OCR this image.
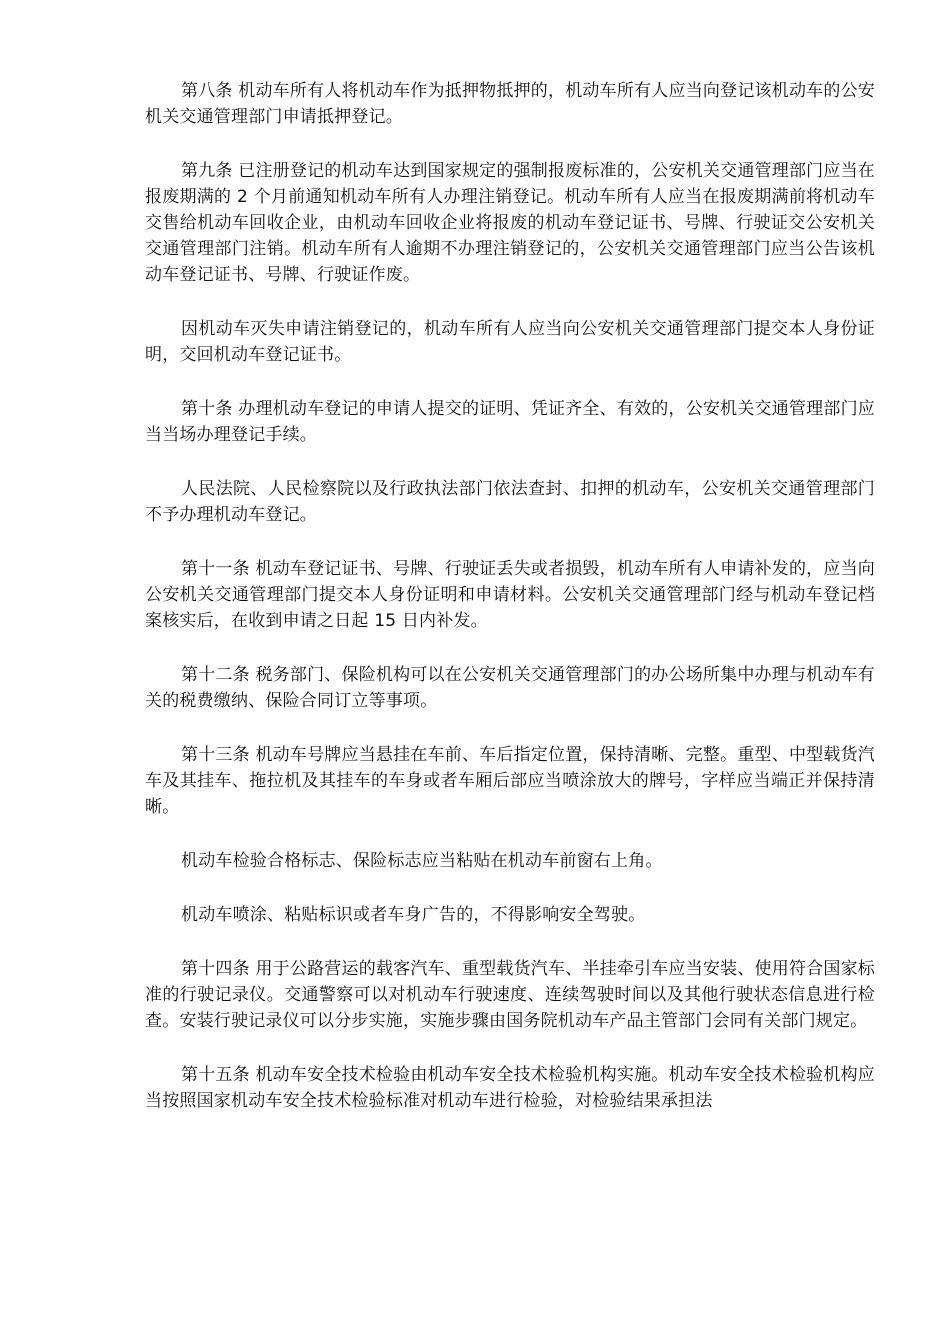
第八条 机动车所有人将机动车作为抵押物抵押的，机动车所有人应当向登记该机动车的公安机关交通管理部门申请抵押登记。

第九条 已注册登记的机动车达到国家规定的强制报废标准的，公安机关交通管理部门应当在报废期满的 2 个月前通知机动车所有人办理注销登记。机动车所有人应当在报废期满前将机动车交售给机动车回收企业，由机动车回收企业将报废的机动车登记证书、号牌、行驶证交公安机关交通管理部门注销。机动车所有人逾期不办理注销登记的，公安机关交通管理部门应当公告该机动车登记证书、号牌、行驶证作废。

因机动车灭失申请注销登记的，机动车所有人应当向公安机关交通管理部门提交本人身份证明，交回机动车登记证书。

第十条 办理机动车登记的申请人提交的证明、凭证齐全、有效的，公安机关交通管理部门应当当场办理登记手续。

人民法院、人民检察院以及行政执法部门依法查封、扣押的机动车，公安机关交通管理部门不予办理机动车登记。

第十一条 机动车登记证书、号牌、行驶证丢失或者损毁，机动车所有人申请补发的，应当向公安机关交通管理部门提交本人身份证明和申请材料。公安机关交通管理部门经与机动车登记档案核实后，在收到申请之日起 15 日内补发。

第十二条 税务部门、保险机构可以在公安机关交通管理部门的办公场所集中办理与机动车有关的税费缴纳、保险合同订立等事项。

第十三条 机动车号牌应当悬挂在车前、车后指定位置，保持清晰、完整。重型、中型载货汽车及其挂车、拖拉机及其挂车的车身或者车厢后部应当喷涂放大的牌号，字样应当端正并保持清晰。

机动车检验合格标志、保险标志应当粘贴在机动车前窗右上角。

机动车喷涂、粘贴标识或者车身广告的，不得影响安全驾驶。

第十四条 用于公路营运的载客汽车、重型载货汽车、半挂牵引车应当安装、使用符合国家标准的行驶记录仪。交通警察可以对机动车行驶速度、连续驾驶时间以及其他行驶状态信息进行检查。安装行驶记录仪可以分步实施，实施步骤由国务院机动车产品主管部门会同有关部门规定。

第十五条 机动车安全技术检验由机动车安全技术检验机构实施。机动车安全技术检验机构应当按照国家机动车安全技术检验标准对机动车进行检验，对检验结果承担法
